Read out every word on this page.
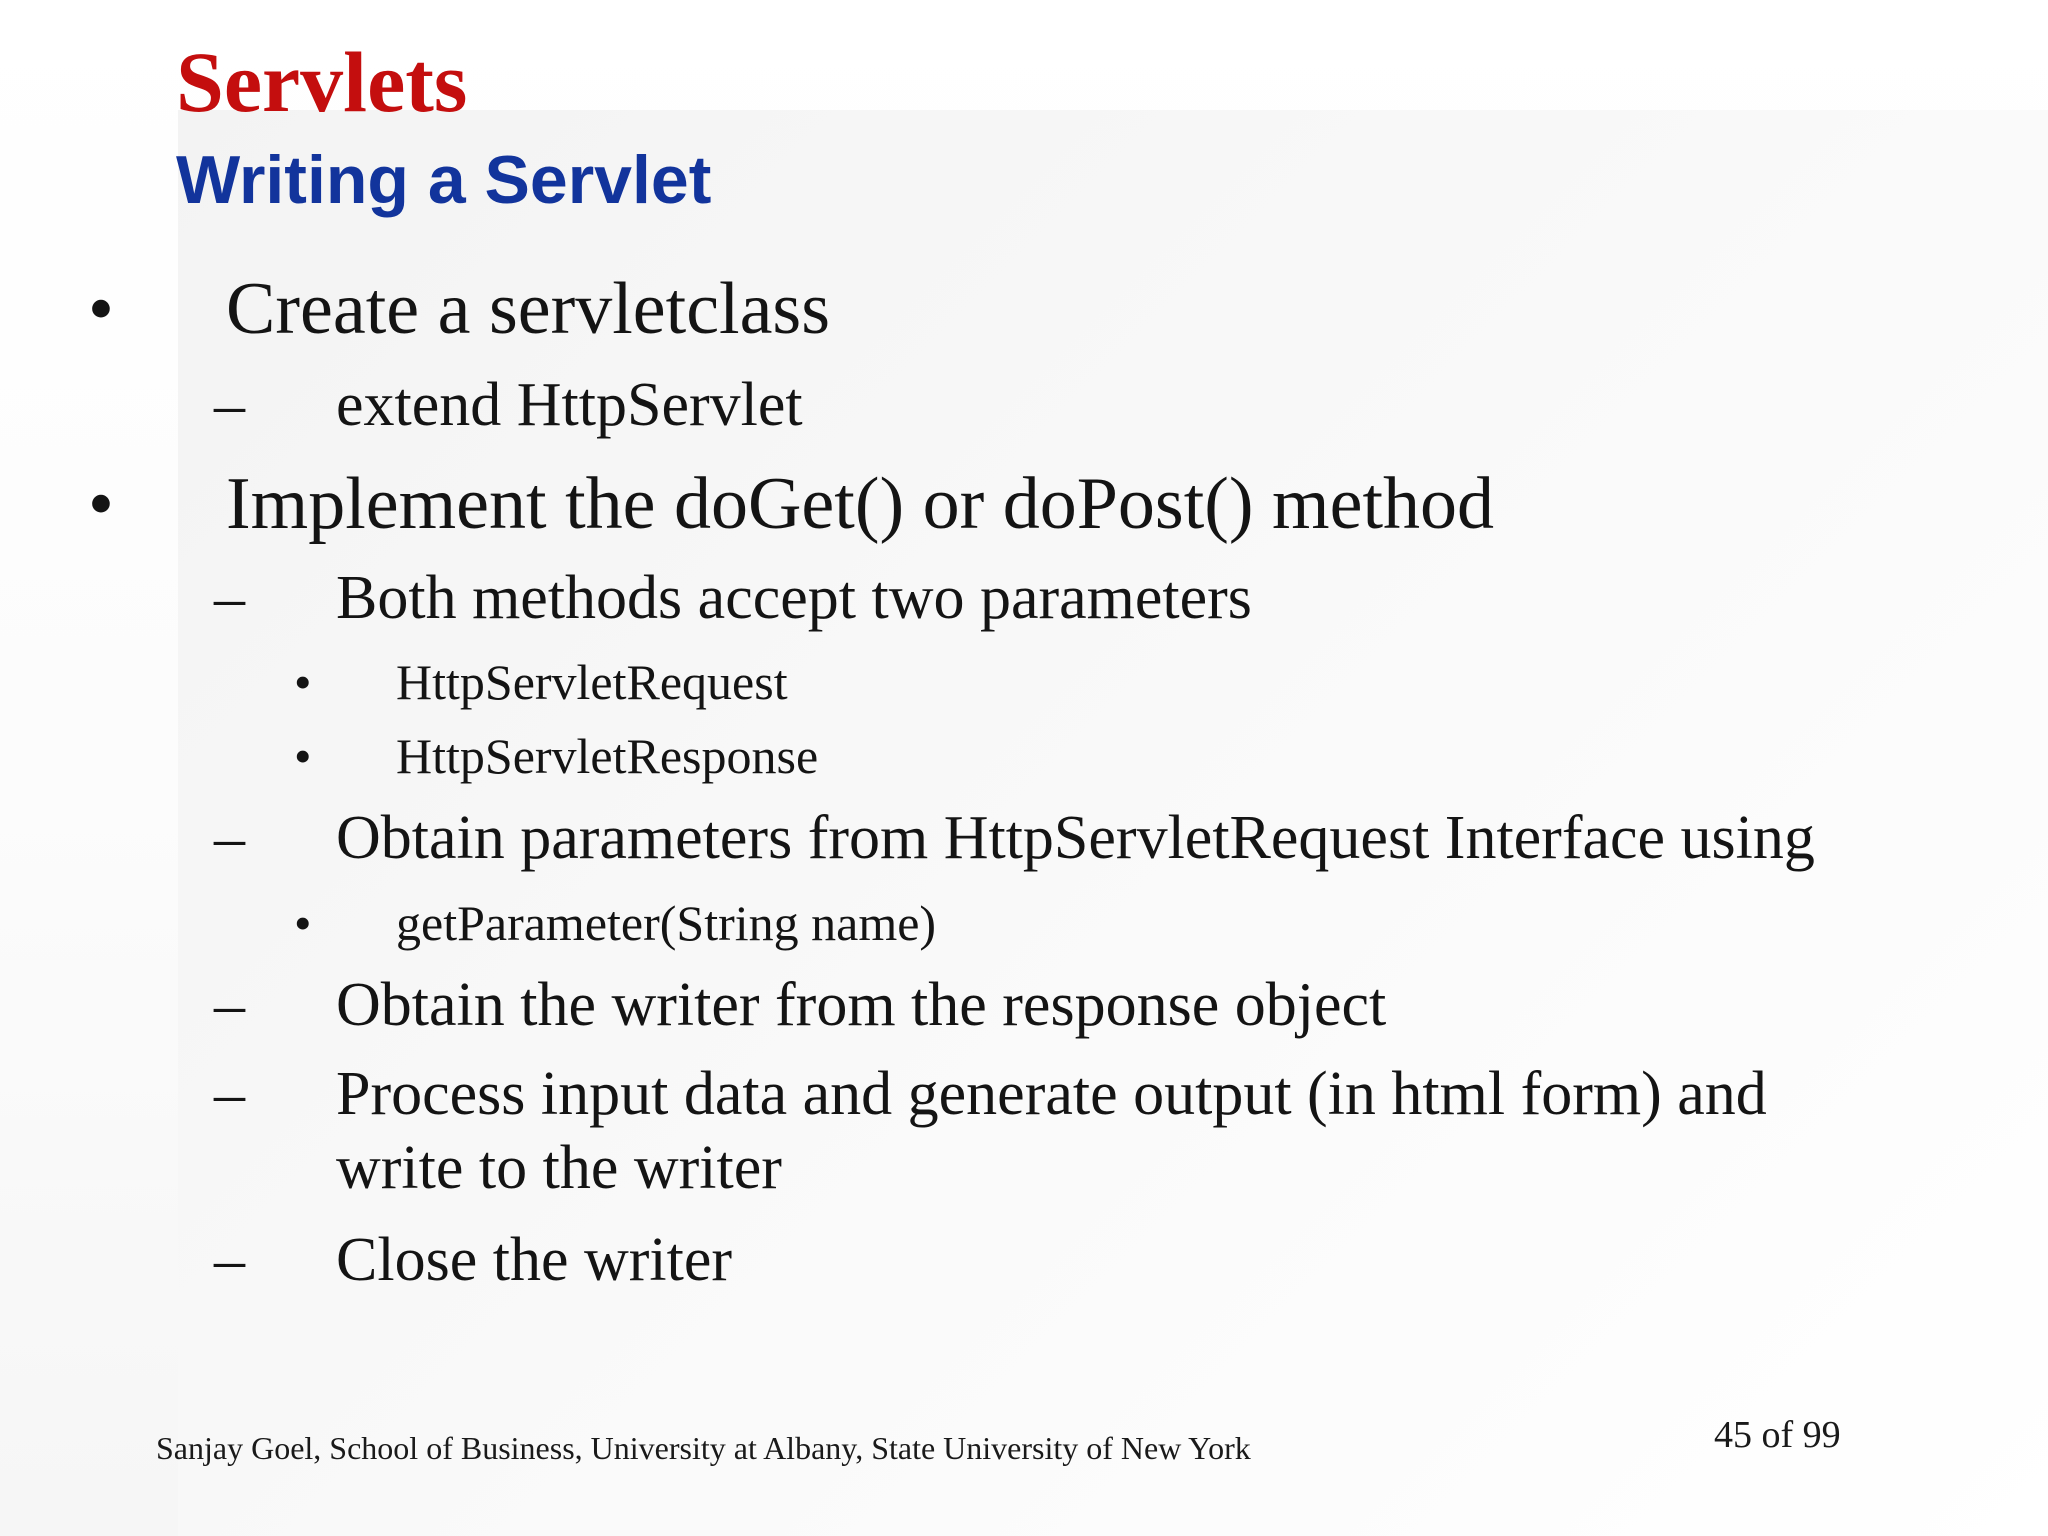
Servlets
Writing a Servlet
• Create a servletclass
– extend HttpServlet
• Implement the doGet() or doPost() method
– Both methods accept two parameters
• HttpServletRequest
• HttpServletResponse
– Obtain parameters from HttpServletRequest Interface using
• getParameter(String name)
– Obtain the writer from the response object
– Process input data and generate output (in html form) and
write to the writer
– Close the writer
Sanjay Goel, School of Business, University at Albany, State University of New York	45 of 99
